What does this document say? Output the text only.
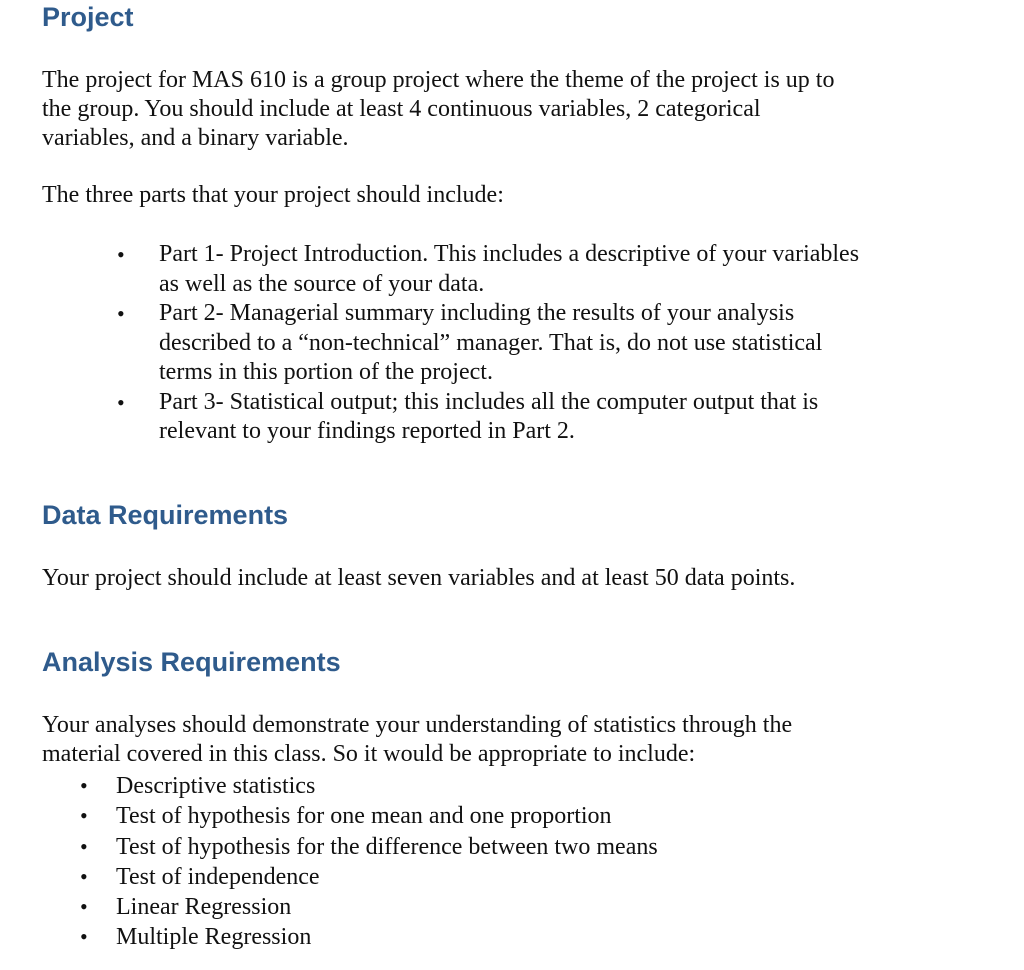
Project

The project for MAS 610 is a group project where the theme of the project is up to
the group. You should include at least 4 continuous variables, 2 categorical
variables, and a binary variable.

The three parts that your project should include:

• Part 1- Project Introduction. This includes a descriptive of your variables
as well as the source of your data.
• Part 2- Managerial summary including the results of your analysis
described to a “non-technical” manager. That is, do not use statistical
terms in this portion of the project.
• Part 3- Statistical output; this includes all the computer output that is
relevant to your findings reported in Part 2.
Data Requirements

Your project should include at least seven variables and at least 50 data points.

Analysis Requirements

Your analyses should demonstrate your understanding of statistics through the
material covered in this class. So it would be appropriate to include:

• Descriptive statistics
• Test of hypothesis for one mean and one proportion
• Test of hypothesis for the difference between two means
• Test of independence
• Linear Regression
• Multiple Regression
